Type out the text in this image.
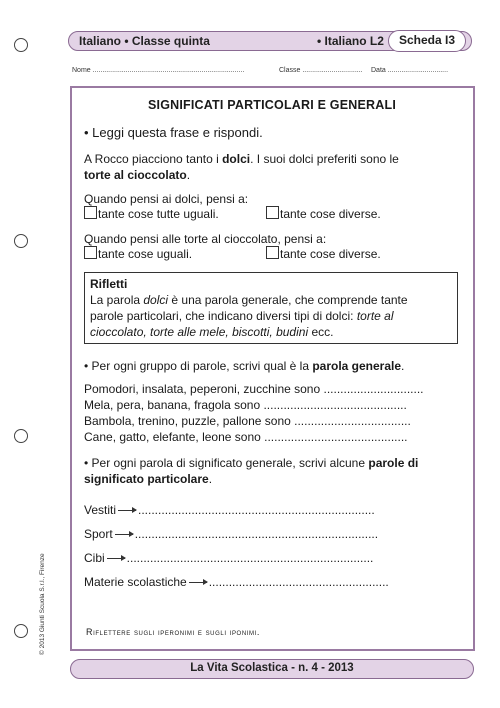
Italiano • Classe quinta	• Italiano L2	Scheda I3
Nome ..............................................................................	Classe ............................... Data ...............................
SIGNIFICATI PARTICOLARI E GENERALI
• Leggi questa frase e rispondi.
A Rocco piacciono tanto i dolci. I suoi dolci preferiti sono le
torte al cioccolato.
Quando pensi ai dolci, pensi a:
tante cose tutte uguali.	tante cose diverse.
Quando pensi alle torte al cioccolato, pensi a:
tante cose uguali.	tante cose diverse.
Rifletti
La parola dolci è una parola generale, che comprende tante
parole particolari, che indicano diversi tipi di dolci: torte al
cioccolato, torte alle mele, biscotti, budini ecc.
• Per ogni gruppo di parole, scrivi qual è la parola generale.
Pomodori, insalata, peperoni, zucchine sono ..............................
Mela, pera, banana, fragola sono ...........................................
Bambola, trenino, puzzle, pallone sono ...................................
Cane, gatto, elefante, leone sono ...........................................
• Per ogni parola di significato generale, scrivi alcune parole di
significato particolare.
Vestiti .......................................................................
Sport .........................................................................
Cibi ..........................................................................
Materie scolastiche ......................................................
Riflettere sugli iperonimi e sugli iponimi.
© 2013 Giunti Scuola S.r.l., Firenze
La Vita Scolastica - n. 4 - 2013
